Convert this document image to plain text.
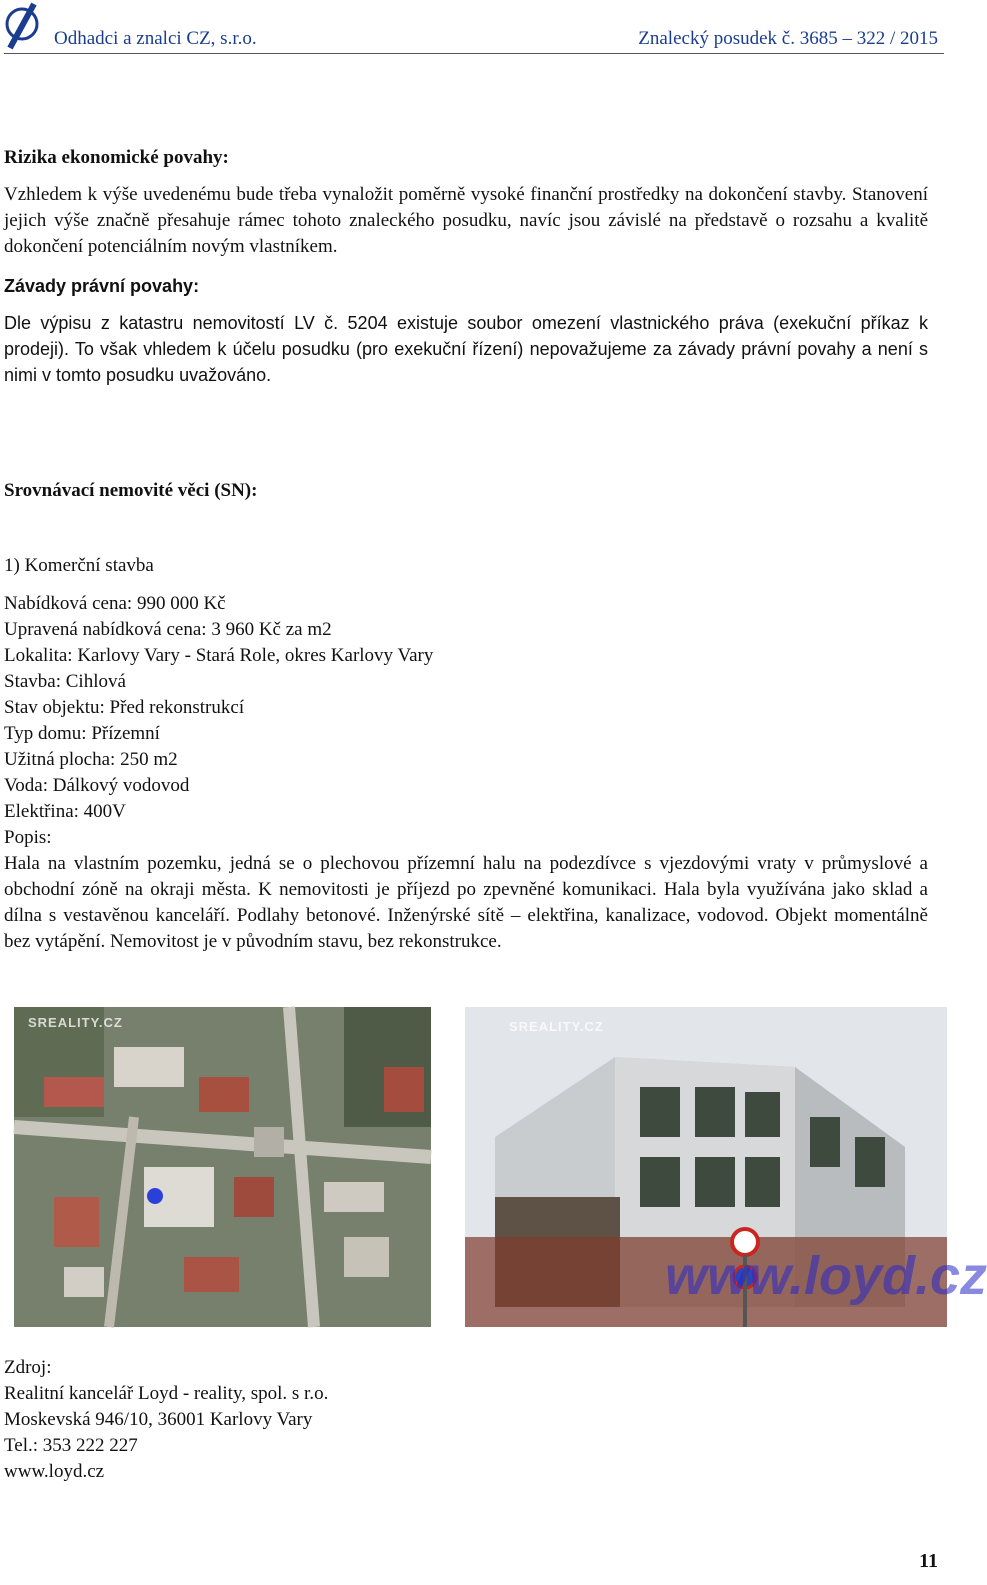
Odhadci a znalci CZ, s.r.o.	Znalecký posudek č. 3685 – 322 / 2015
Rizika ekonomické povahy:
Vzhledem k výše uvedenému bude třeba vynaložit poměrně vysoké finanční prostředky na dokončení stavby. Stanovení jejich výše značně přesahuje rámec tohoto znaleckého posudku, navíc jsou závislé na představě o rozsahu a kvalitě dokončení potenciálním novým vlastníkem.
Závady právní povahy:
Dle výpisu z katastru nemovitostí LV č. 5204 existuje soubor omezení vlastnického práva (exekuční příkaz k prodeji). To však vhledem k účelu posudku (pro exekuční řízení) nepovažujeme za závady právní povahy a není s nimi v tomto posudku uvažováno.
Srovnávací nemovité věci (SN):
1) Komerční stavba
Nabídková cena: 990 000 Kč
Upravená nabídková cena: 3 960 Kč za m2
Lokalita: Karlovy Vary - Stará Role, okres Karlovy Vary
Stavba: Cihlová
Stav objektu: Před rekonstrukcí
Typ domu: Přízemní
Užitná plocha: 250 m2
Voda: Dálkový vodovod
Elektřina: 400V
Popis:
Hala na vlastním pozemku, jedná se o plechovou přízemní halu na podezdívce s vjezdovými vraty v průmyslové a obchodní zóně na okraji města. K nemovitosti je příjezd po zpevněné komunikaci. Hala byla využívána jako sklad a dílna s vestavěnou kanceláří. Podlahy betonové. Inženýrské sítě – elektřina, kanalizace, vodovod. Objekt momentálně bez vytápění. Nemovitost je v původním stavu, bez rekonstrukce.
SREALITY.CZ	SREALITY.CZ
www.loyd.cz
Zdroj:
Realitní kancelář Loyd - reality, spol. s r.o.
Moskevská 946/10, 36001 Karlovy Vary
Tel.: 353 222 227
www.loyd.cz
11
